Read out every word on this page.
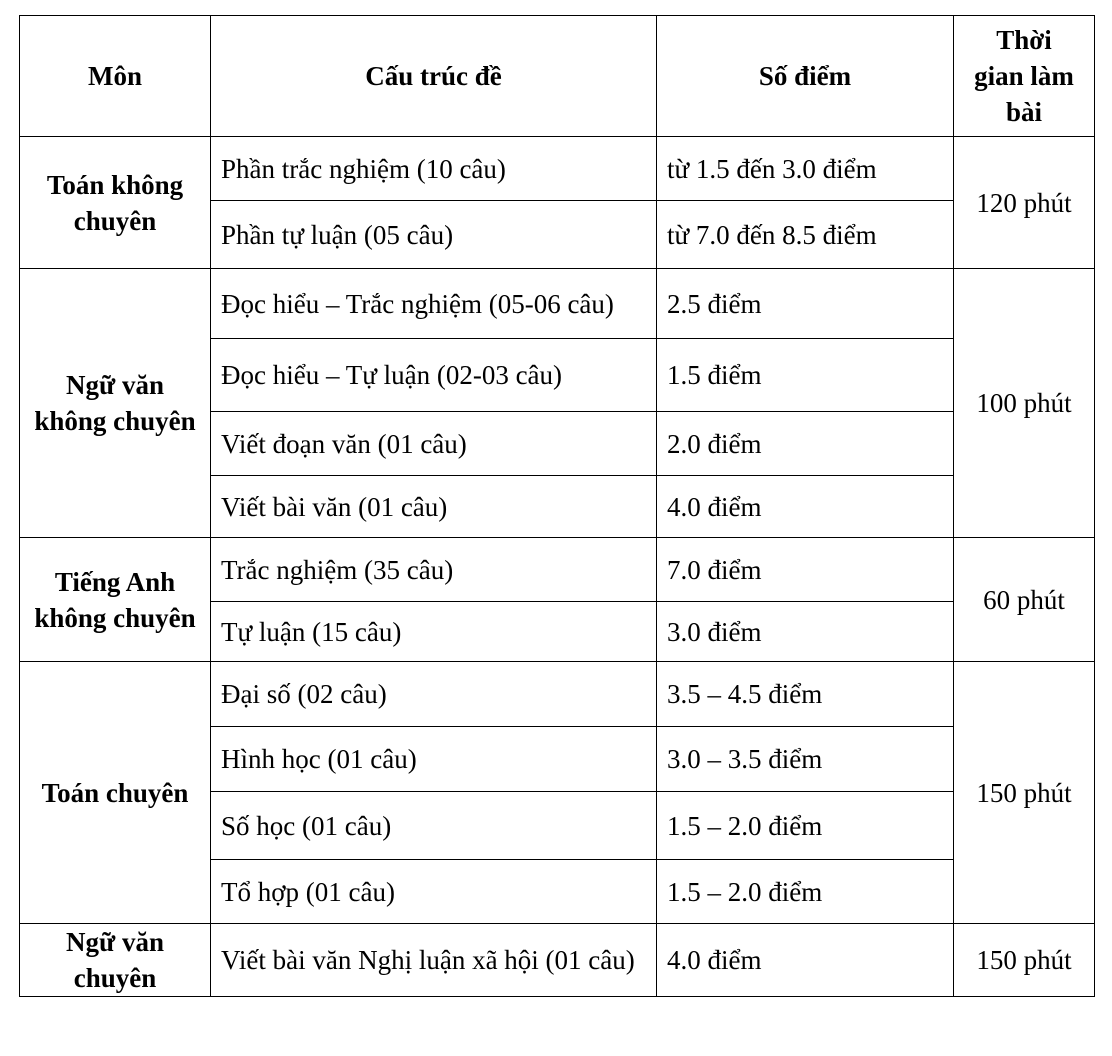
Môn	Cấu trúc đề	Số điểm	Thời
gian làm
bài
Toán không chuyên	Phần trắc nghiệm (10 câu)	từ 1.5 đến 3.0 điểm	120 phút
	Phần tự luận (05 câu)	từ 7.0 đến 8.5 điểm	
Ngữ văn không chuyên	Đọc hiểu – Trắc nghiệm (05-06 câu)	2.5 điểm	100 phút
	Đọc hiểu – Tự luận (02-03 câu)	1.5 điểm	
	Viết đoạn văn (01 câu)	2.0 điểm	
	Viết bài văn (01 câu)	4.0 điểm	
Tiếng Anh không chuyên	Trắc nghiệm (35 câu)	7.0 điểm	60 phút
	Tự luận (15 câu)	3.0 điểm	
Toán chuyên	Đại số (02 câu)	3.5 – 4.5 điểm	150 phút
	Hình học (01 câu)	3.0 – 3.5 điểm	
	Số học (01 câu)	1.5 – 2.0 điểm	
	Tổ hợp (01 câu)	1.5 – 2.0 điểm	
Ngữ văn chuyên	Viết bài văn Nghị luận xã hội (01 câu)	4.0 điểm	150 phút
